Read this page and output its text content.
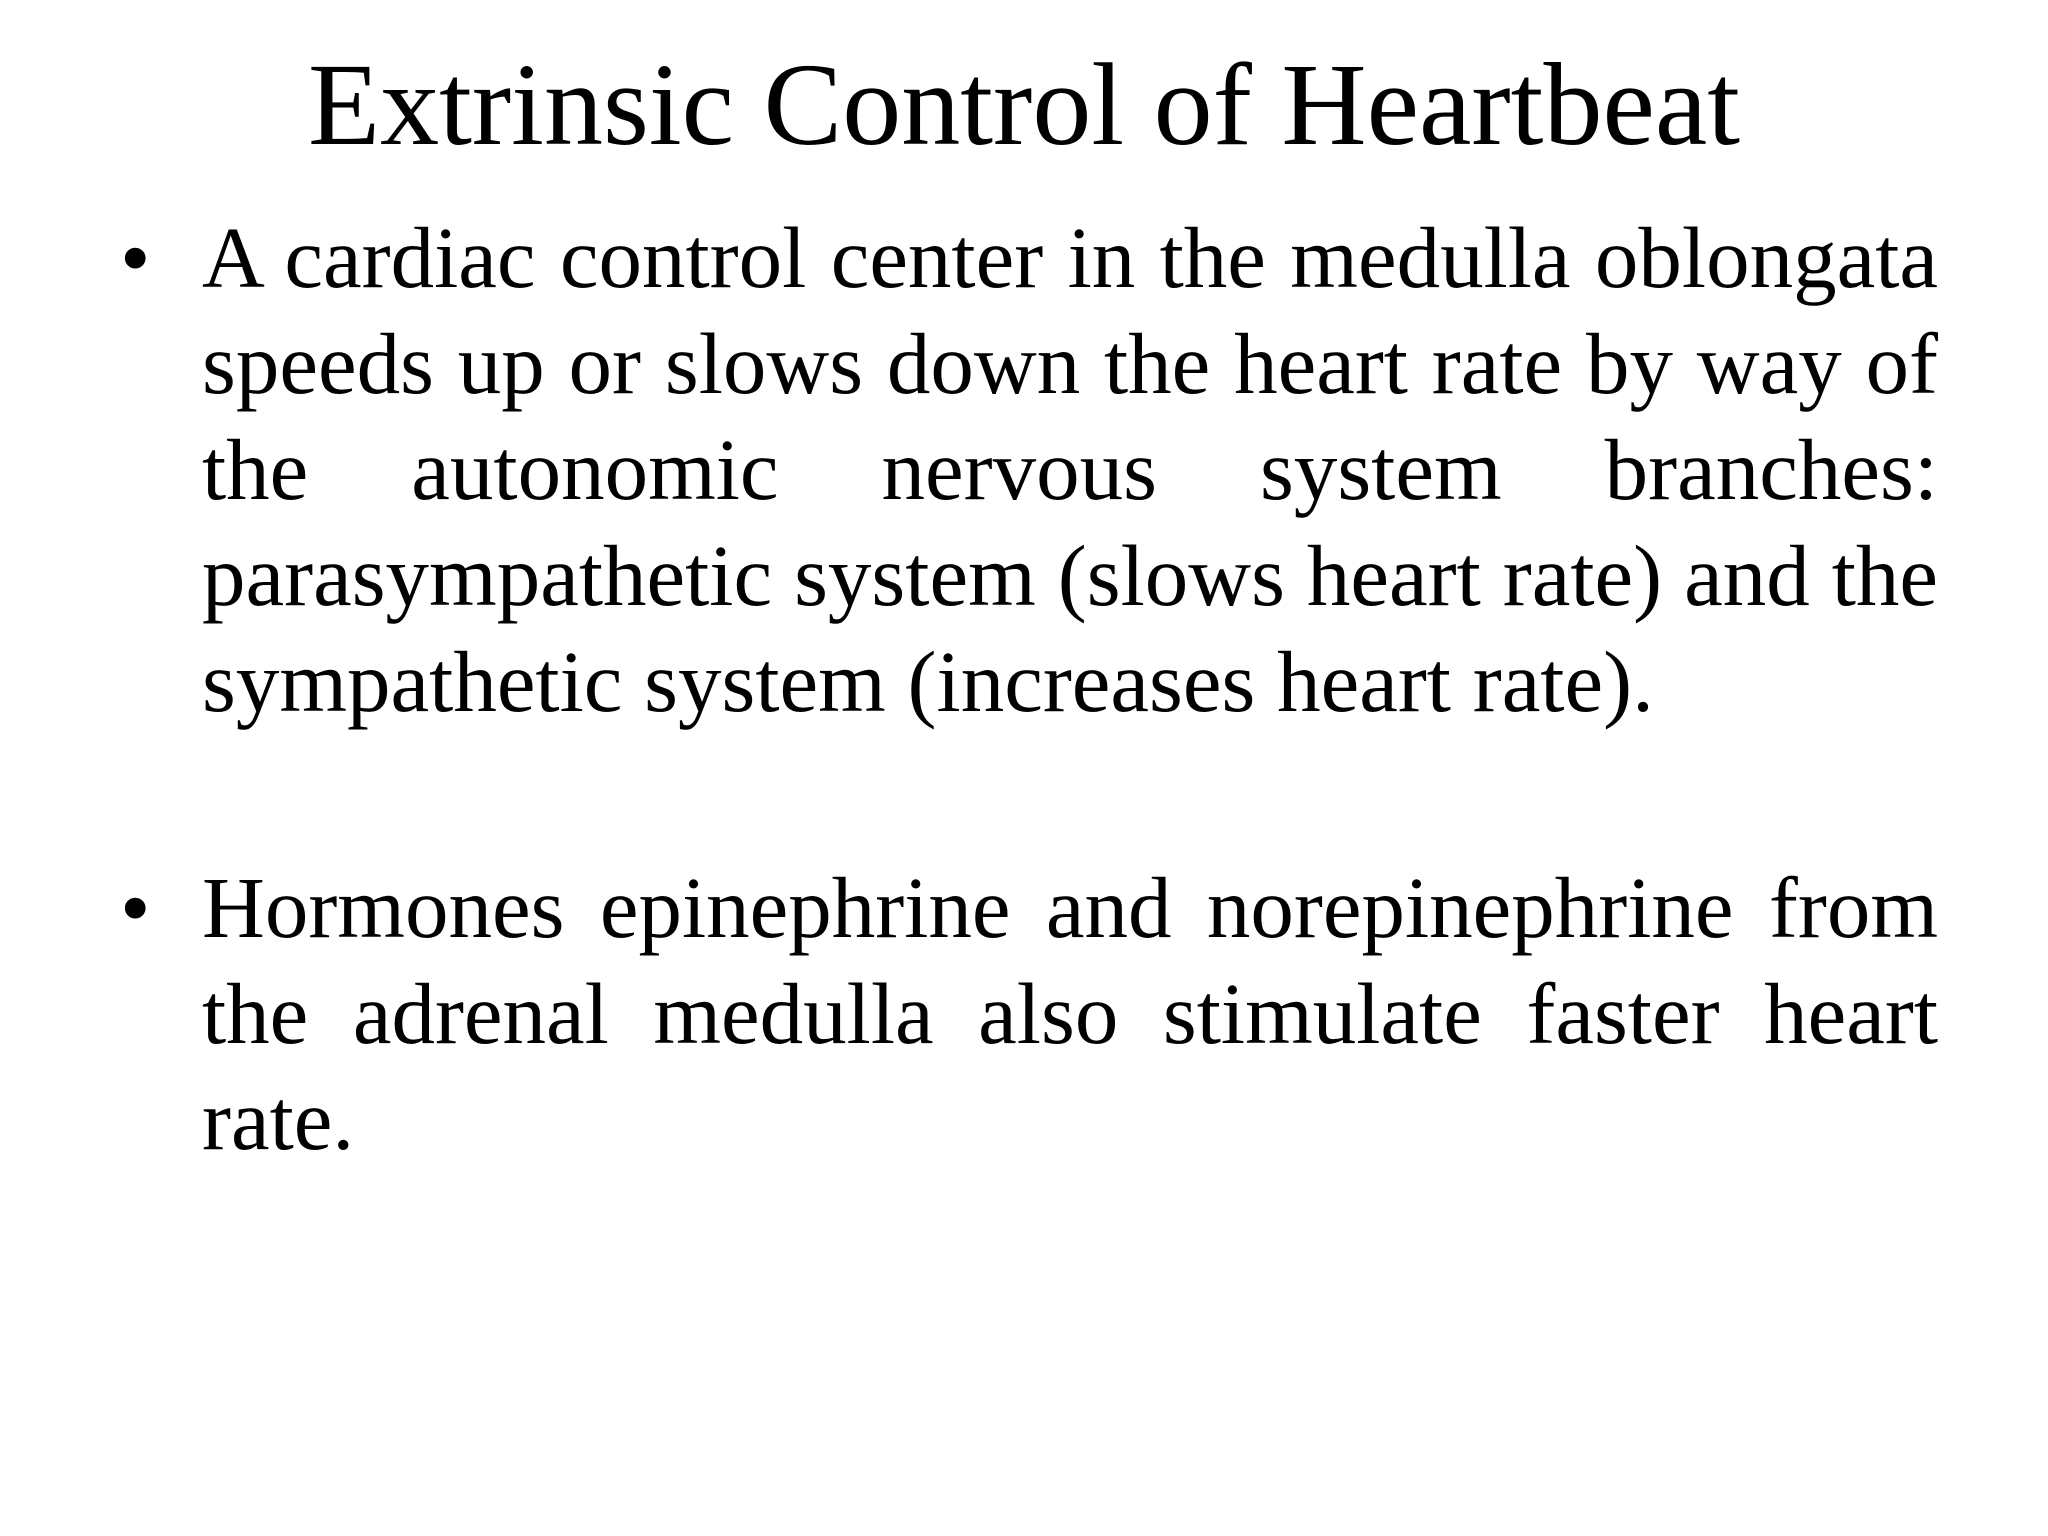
Extrinsic Control of Heartbeat
• A cardiac control center in the medulla oblongata speeds up or slows down the heart rate by way of the autonomic nervous system branches: parasympathetic system (slows heart rate) and the sympathetic system (increases heart rate).
• Hormones epinephrine and norepinephrine from the adrenal medulla also stimulate faster heart rate.
